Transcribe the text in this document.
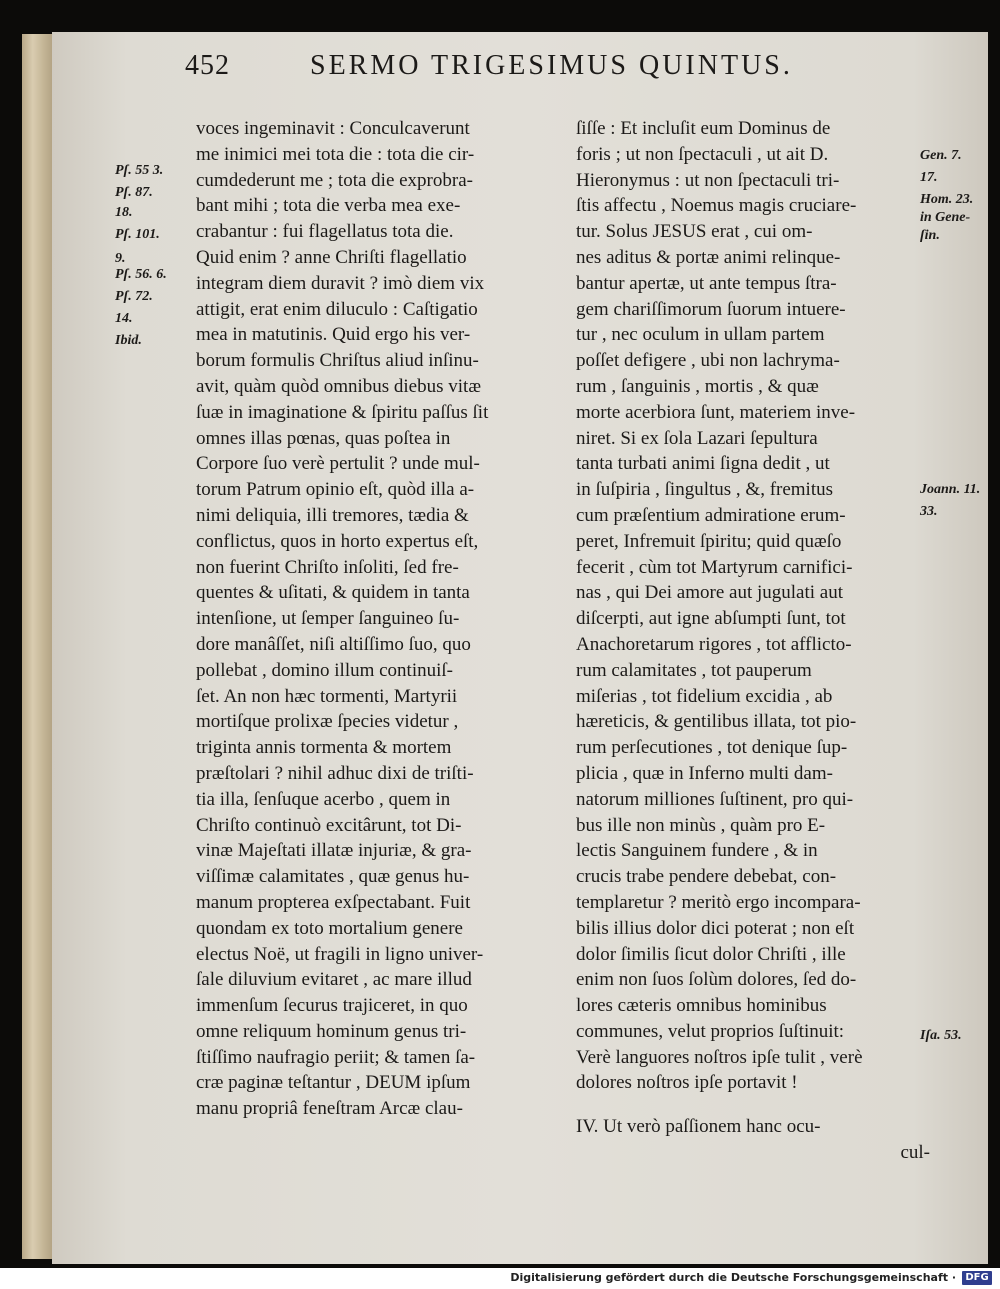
452	SERMO TRIGESIMUS QUINTUS.
Pſ. 55 3.
Pſ. 87.
18.
Pſ. 101.
9.
Pſ. 56. 6.
Pſ. 72.
14.
Ibid.
Gen. 7.
17.
Hom. 23.
in Gene-
ſin.
Joann. 11.
33.
Iſa. 53.
voces ingeminavit : Conculcaverunt
me inimici mei tota die : tota die cir-
cumdederunt me ; tota die exprobra-
bant mihi ; tota die verba mea exe-
crabantur : fui flagellatus tota die.
Quid enim ? anne Chriſti flagellatio
integram diem duravit ? imò diem vix
attigit, erat enim diluculo : Caſtigatio
mea in matutinis. Quid ergo his ver-
borum formulis Chriſtus aliud inſinu-
avit, quàm quòd omnibus diebus vitæ
ſuæ in imaginatione & ſpiritu paſſus ſit
omnes illas pœnas, quas poſtea in
Corpore ſuo verè pertulit ? unde mul-
torum Patrum opinio eſt, quòd illa a-
nimi deliquia, illi tremores, tædia &
conflictus, quos in horto expertus eſt,
non fuerint Chriſto inſoliti, ſed fre-
quentes & uſitati, & quidem in tanta
intenſione, ut ſemper ſanguineo ſu-
dore manâſſet, niſi altiſſimo ſuo, quo
pollebat , domino illum continuiſ-
ſet. An non hæc tormenti, Martyrii
mortiſque prolixæ ſpecies videtur ,
triginta annis tormenta & mortem
præſtolari ? nihil adhuc dixi de triſti-
tia illa, ſenſuque acerbo , quem in
Chriſto continuò excitârunt, tot Di-
vinæ Majeſtati illatæ injuriæ, & gra-
viſſimæ calamitates , quæ genus hu-
manum propterea exſpectabant. Fuit
quondam ex toto mortalium genere
electus Noë, ut fragili in ligno univer-
ſale diluvium evitaret , ac mare illud
immenſum ſecurus trajiceret, in quo
omne reliquum hominum genus tri-
ſtiſſimo naufragio periit; & tamen ſa-
cræ paginæ teſtantur , DEUM ipſum
manu propriâ feneſtram Arcæ clau-
ſiſſe : Et incluſit eum Dominus de
foris ; ut non ſpectaculi , ut ait D.
Hieronymus : ut non ſpectaculi tri-
ſtis affectu , Noemus magis cruciare-
tur. Solus JESUS erat , cui om-
nes aditus & portæ animi relinque-
bantur apertæ, ut ante tempus ſtra-
gem chariſſimorum ſuorum intuere-
tur , nec oculum in ullam partem
poſſet defigere , ubi non lachryma-
rum , ſanguinis , mortis , & quæ
morte acerbiora ſunt, materiem inve-
niret. Si ex ſola Lazari ſepultura
tanta turbati animi ſigna dedit , ut
in ſuſpiria , ſingultus , &, fremitus
cum præſentium admiratione erum-
peret, Infremuit ſpiritu; quid quæſo
fecerit , cùm tot Martyrum carnifici-
nas , qui Dei amore aut jugulati aut
diſcerpti, aut igne abſumpti ſunt, tot
Anachoretarum rigores , tot afflicto-
rum calamitates , tot pauperum
miſerias , tot fidelium excidia , ab
hæreticis, & gentilibus illata, tot pio-
rum perſecutiones , tot denique ſup-
plicia , quæ in Inferno multi dam-
natorum milliones ſuſtinent, pro qui-
bus ille non minùs , quàm pro E-
lectis Sanguinem fundere , & in
crucis trabe pendere debebat, con-
templaretur ? meritò ergo incompara-
bilis illius dolor dici poterat ; non eſt
dolor ſimilis ſicut dolor Chriſti , ille
enim non ſuos ſolùm dolores, ſed do-
lores cæteris omnibus hominibus
communes, velut proprios ſuſtinuit:
Verè languores noſtros ipſe tulit , verè
dolores noſtros ipſe portavit !
IV. Ut verò paſſionem hanc ocu-
cul-
Digitalisierung gefördert durch die Deutsche Forschungsgemeinschaft · DFG
